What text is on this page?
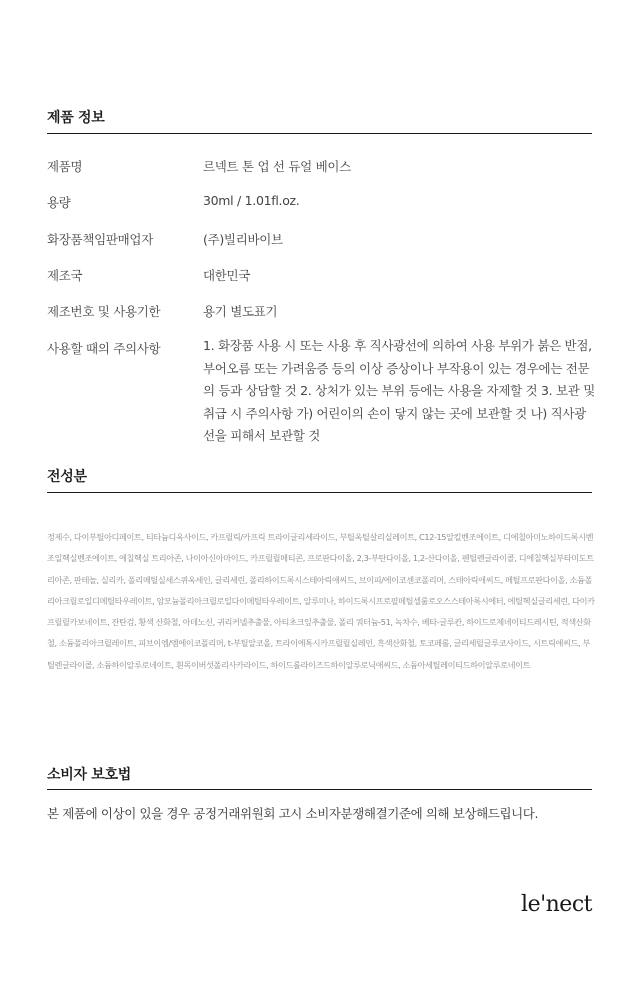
제품 정보
제품명	르넥트 톤 업 선 듀얼 베이스
용량	30ml / 1.01fl.oz.
화장품책임판매업자	(주)빌리바이브
제조국	대한민국
제조번호 및 사용기한	용기 별도표기
사용할 때의 주의사항	1. 화장품 사용 시 또는 사용 후 직사광선에 의하여 사용 부위가 붉은 반점, 부어오름 또는 가려움증 등의 이상 증상이나 부작용이 있는 경우에는 전문의 등과 상담할 것 2. 상처가 있는 부위 등에는 사용을 자제할 것 3. 보관 및 취급 시 주의사항 가) 어린이의 손이 닿지 않는 곳에 보관할 것 나) 직사광선을 피해서 보관할 것
전성분
정제수, 다이부틸아디페이트, 티타늄디옥사이드, 카프릴릭/카프릭 트라이글리세라이드, 부틸옥틸살리실레이트, C12-15알킬벤조에이트, 디에칠아미노하이드록시벤조일헥실벤조에이트, 에칠헥실 트리아존, 나이아신아마이드, 카프릴릴메티콘, 프로판다이올, 2,3-부탄다이올, 1,2-산다이올, 펜틸렌글라이콜, 디에칠헥실부타미도트리아존, 판테놀, 실리카, 폴리메틸실세스퀴옥세인, 글리세린, 폴리하이드록시스테아릭애씨드, 브이피/에이코센코폴리머, 스테아릭애씨드, 메틸프로판다이올, 소듐폴리아크릴로일디메틸타우레이트, 암모늄폴리아크릴로일다이메틸타우레이트, 알루미나, 하이드록시프로필메틸셀룰로오스스테아록시에터, 에틸헥실글리세린, 다이카프릴릴카보네이트, 잔탄검, 황색 산화철, 아데노신, 귀리커넬추출물, 아티초크잎추출물, 폴리 쿼터늄-51, 녹차수, 베타-글루칸, 하이드로제네이티드레시틴, 적색산화철, 소듐폴리아크릴레이트, 피브이엠/엠에이코폴리머, t-부틸알코올, 트라이에톡시카프릴릴실레인, 흑색산화철, 토코페롤, 글리세릴글루코사이드, 시트릭애씨드, 부틸렌글라이콜, 소듐하이알루로네이트, 흰목이버섯폴리사카라이드, 하이드롤라이즈드하이알루로닉애씨드, 소듐아세틸레이티드하이알루로네이트
소비자 보호법
본 제품에 이상이 있을 경우 공정거래위원회 고시 소비자분쟁해결기준에 의해 보상해드립니다.
le'nect
